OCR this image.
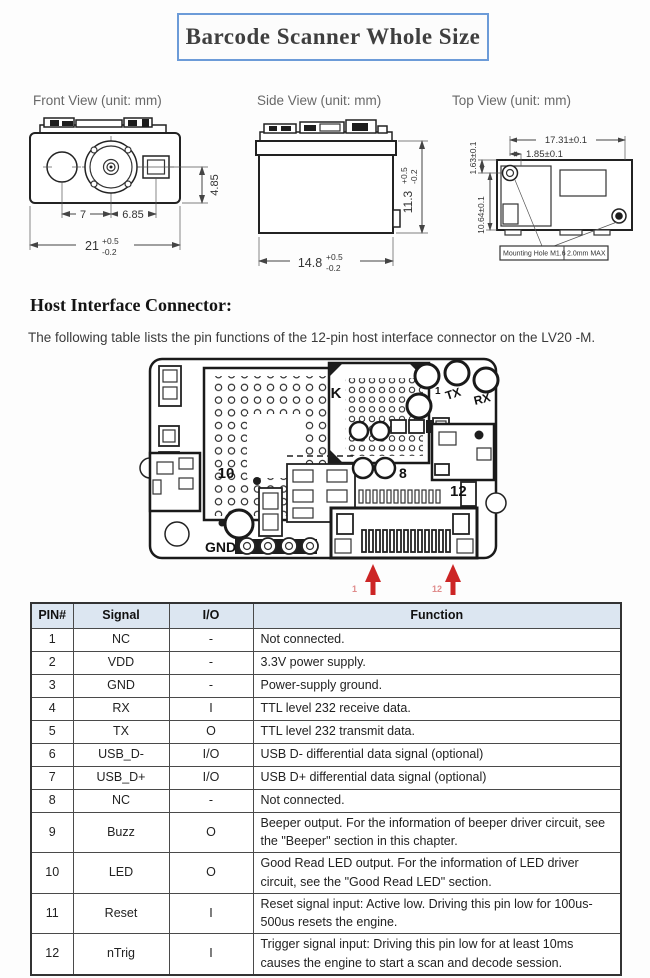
Barcode Scanner Whole Size
Front View (unit: mm)	Side View (unit: mm)	Top View (unit: mm)
7	6.85
4.85
21 +0.5
-0.2
11.3
+0.5 -0.2
14.8 +0.5
-0.2
17.31±0.1
1.85±0.1
1.63±0.1
10.64±0.1
Mounting Hole M1.6 2.0mm MAX
Host Interface Connector:
The following table lists the pin functions of the 12-pin host interface connector on the LV20 -M.
K	1 TX RX
10	8
12
GND
1	12
PIN#	Signal	I/O	Function
1	NC	-	Not connected.
2	VDD	-	3.3V power supply.
3	GND	-	Power-supply ground.
4	RX	I	TTL level 232 receive data.
5	TX	O	TTL level 232 transmit data.
6	USB_D-	I/O	USB D- differential data signal (optional)
7	USB_D+	I/O	USB D+ differential data signal (optional)
8	NC	-	Not connected.
9	Buzz	O	Beeper output. For the information of beeper driver circuit, see the "Beeper" section in this chapter.
10	LED	O	Good Read LED output. For the information of LED driver circuit, see the "Good Read LED" section.
11	Reset	I	Reset signal input: Active low. Driving this pin low for 100us-500us resets the engine.
12	nTrig	I	Trigger signal input: Driving this pin low for at least 10ms causes the engine to start a scan and decode session.
